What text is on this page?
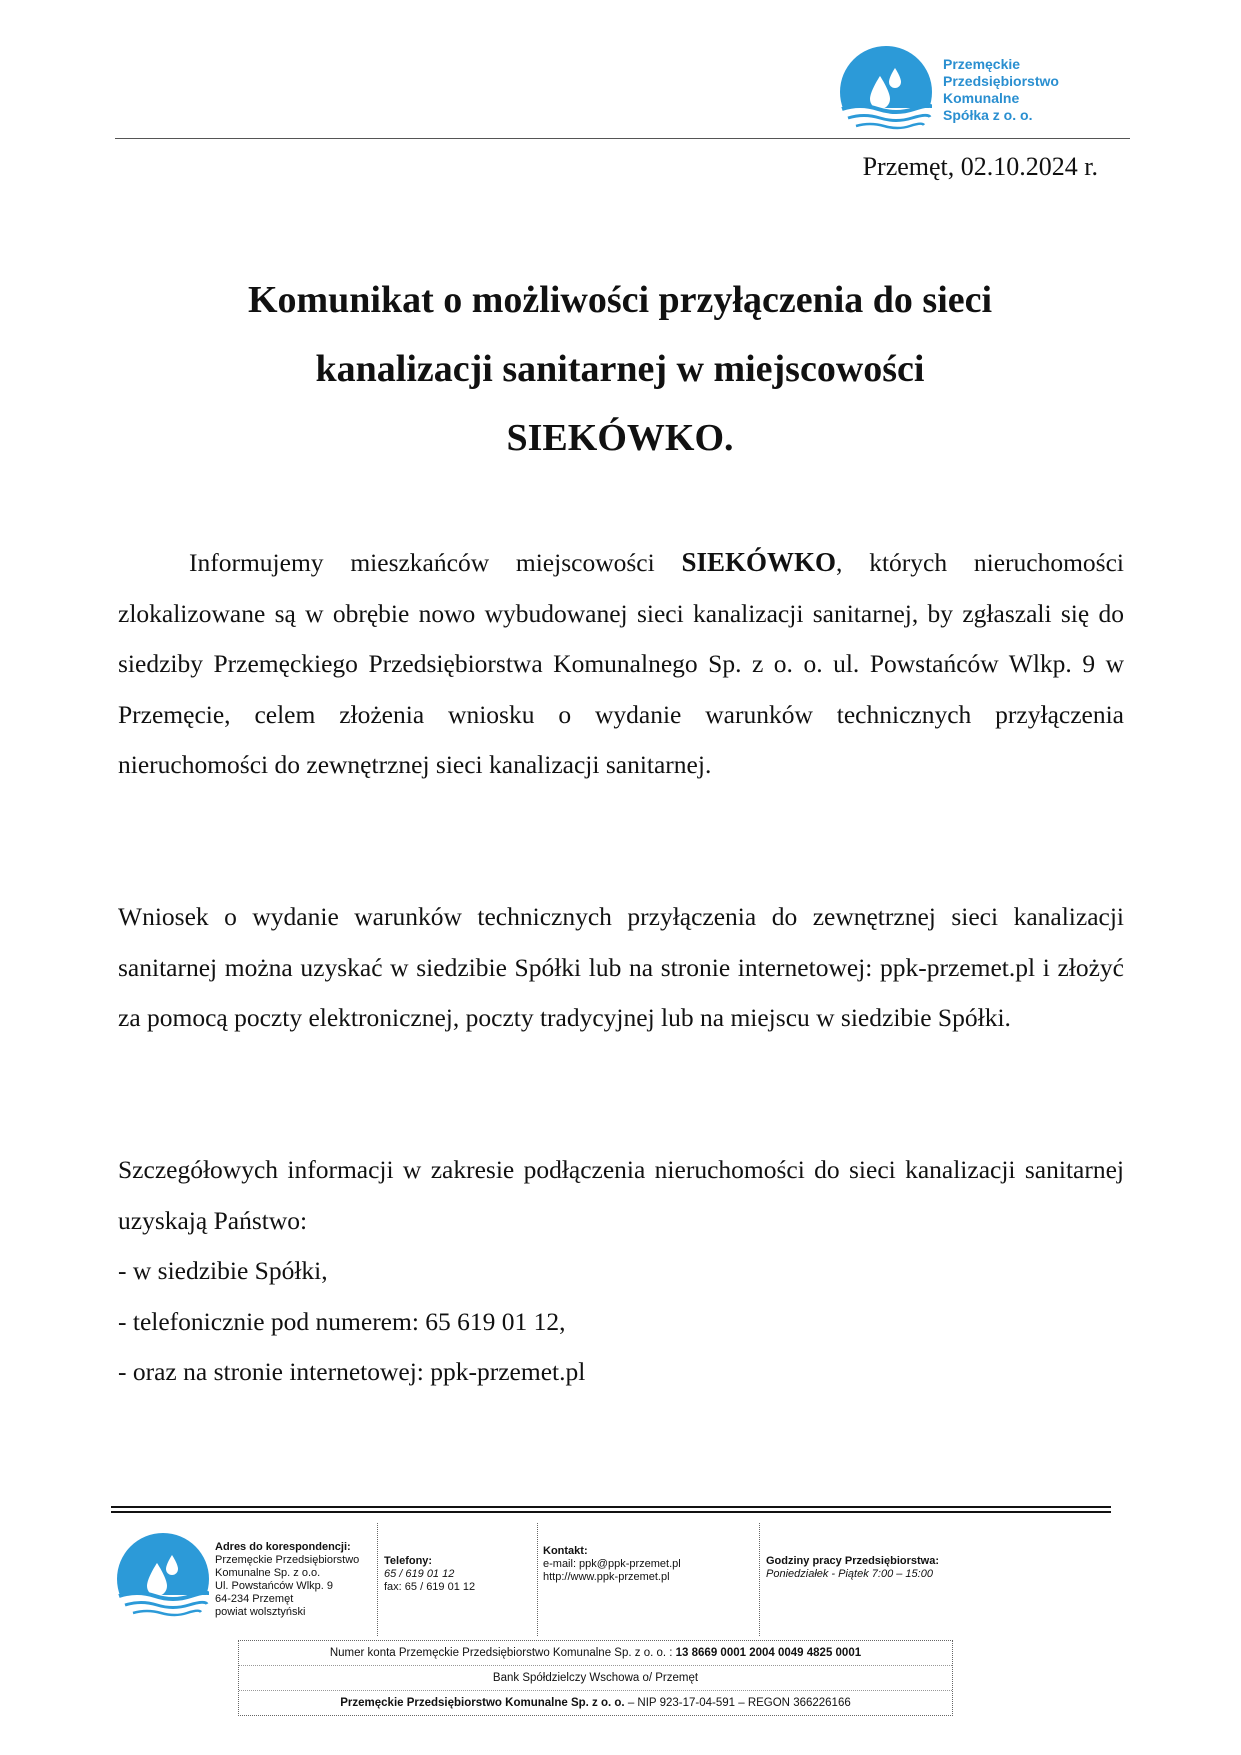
Przemęckie
Przedsiębiorstwo
Komunalne
Spółka z o. o.
Przemęt, 02.10.2024 r.
Komunikat o możliwości przyłączenia do sieci
kanalizacji sanitarnej w miejscowości
SIEKÓWKO.

Informujemy mieszkańców miejscowości SIEKÓWKO, których nieruchomości zlokalizowane są w obrębie nowo wybudowanej sieci kanalizacji sanitarnej, by zgłaszali się do siedziby Przemęckiego Przedsiębiorstwa Komunalnego Sp. z o. o. ul. Powstańców Wlkp. 9 w Przemęcie, celem złożenia wniosku o wydanie warunków technicznych przyłączenia nieruchomości do zewnętrznej sieci kanalizacji sanitarnej.

Wniosek o wydanie warunków technicznych przyłączenia do zewnętrznej sieci kanalizacji sanitarnej można uzyskać w siedzibie Spółki lub na stronie internetowej: ppk-przemet.pl i złożyć za pomocą poczty elektronicznej, poczty tradycyjnej lub na miejscu w siedzibie Spółki.

Szczegółowych informacji w zakresie podłączenia nieruchomości do sieci kanalizacji sanitarnej uzyskają Państwo:

- w siedzibie Spółki,
- telefonicznie pod numerem: 65 619 01 12,
- oraz na stronie internetowej: ppk-przemet.pl
Adres do korespondencji:
Przemęckie Przedsiębiorstwo
Komunalne Sp. z o.o.
Ul. Powstańców Wlkp. 9
64-234 Przemęt
powiat wolsztyński
Telefony:
65 / 619 01 12
fax: 65 / 619 01 12
Kontakt:
e-mail: ppk@ppk-przemet.pl
http://www.ppk-przemet.pl
Godziny pracy Przedsiębiorstwa:
Poniedziałek - Piątek 7:00 – 15:00
Numer konta Przemęckie Przedsiębiorstwo Komunalne Sp. z o. o. : 13 8669 0001 2004 0049 4825 0001
Bank Spółdzielczy Wschowa o/ Przemęt
Przemęckie Przedsiębiorstwo Komunalne Sp. z o. o. – NIP 923-17-04-591 – REGON 366226166
